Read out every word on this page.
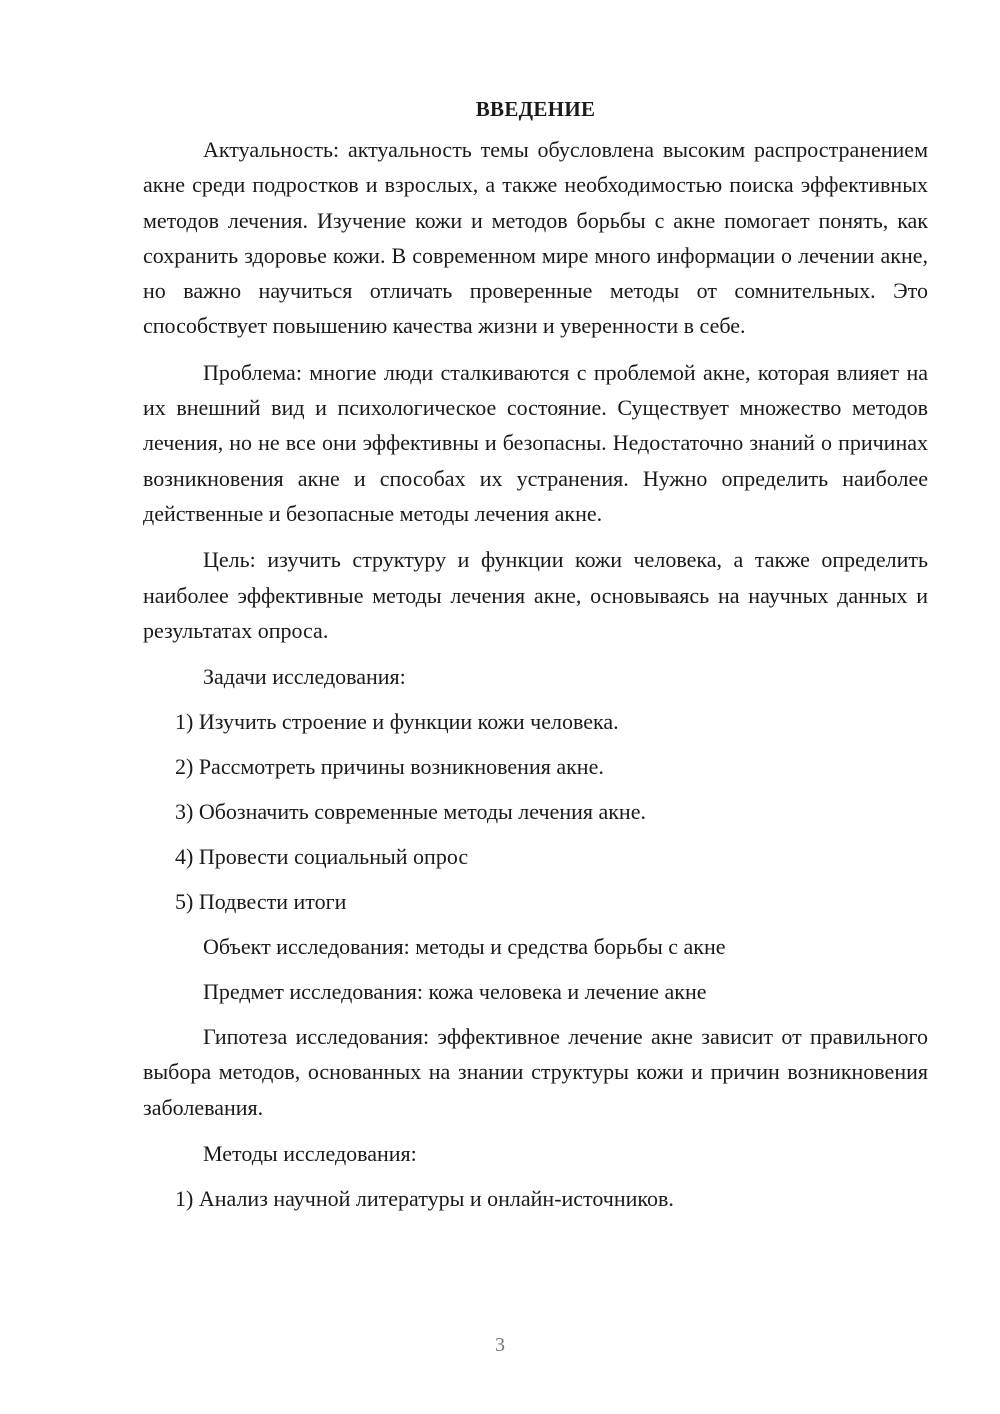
ВВЕДЕНИЕ

Актуальность: актуальность темы обусловлена высоким распространением акне среди подростков и взрослых, а также необходимостью поиска эффективных методов лечения. Изучение кожи и методов борьбы с акне помогает понять, как сохранить здоровье кожи. В современном мире много информации о лечении акне, но важно научиться отличать проверенные методы от сомнительных. Это способствует повышению качества жизни и уверенности в себе.

Проблема: многие люди сталкиваются с проблемой акне, которая влияет на их внешний вид и психологическое состояние. Существует множество методов лечения, но не все они эффективны и безопасны. Недостаточно знаний о причинах возникновения акне и способах их устранения. Нужно определить наиболее действенные и безопасные методы лечения акне.

Цель: изучить структуру и функции кожи человека, а также определить наиболее эффективные методы лечения акне, основываясь на научных данных и результатах опроса.

Задачи исследования:
1) Изучить строение и функции кожи человека.
2) Рассмотреть причины возникновения акне.
3) Обозначить современные методы лечения акне.
4) Провести социальный опрос
5) Подвести итоги
Объект исследования: методы и средства борьбы с акне
Предмет исследования: кожа человека и лечение акне

Гипотеза исследования: эффективное лечение акне зависит от правильного выбора методов, основанных на знании структуры кожи и причин возникновения заболевания.

Методы исследования:
1) Анализ научной литературы и онлайн-источников.
3
